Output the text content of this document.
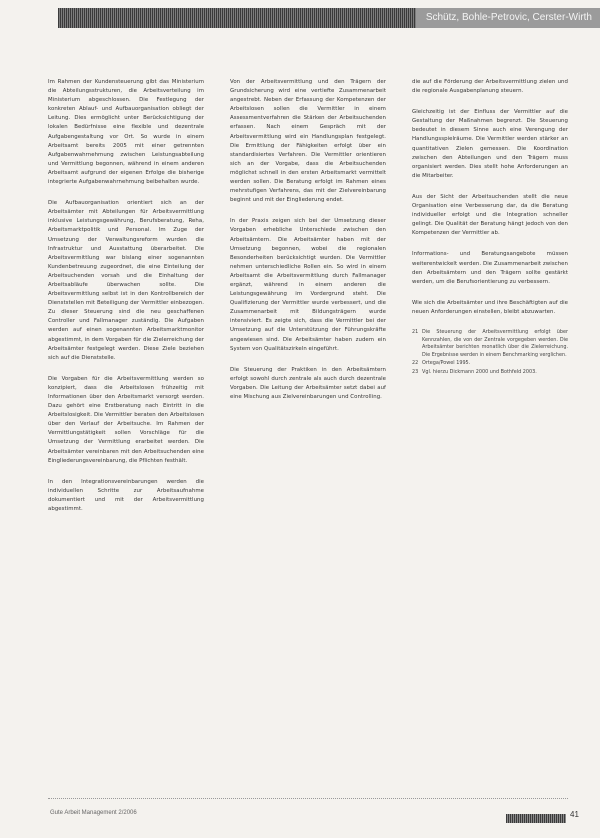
Schütz, Bohle-Petrovic, Cerster-Wirth

Im Rahmen der Kundensteuerung gibt das Ministerium die Abteilungsstrukturen, die Arbeitsverteilung im Ministerium abgeschlossen. Die Festlegung der konkreten Ablauf- und Aufbauorganisation obliegt der Leitung. Dies ermöglicht unter Berücksichtigung der lokalen Bedürfnisse eine flexible und dezentrale Aufgabengestaltung vor Ort. So wurde in einem Arbeitsamt bereits 2005 mit einer getrennten Aufgabenwahrnehmung zwischen Leistungsabteilung und Vermittlung begonnen, während in einem anderen Arbeitsamt aufgrund der eigenen Erfolge die bisherige integrierte Aufgabenwahrnehmung beibehalten wurde.

Die Aufbauorganisation orientiert sich an der Arbeitsämter mit Abteilungen für Arbeitsvermittlung inklusive Leistungsgewährung, Berufsberatung, Reha, Arbeitsmarktpolitik und Personal. Im Zuge der Umsetzung der Verwaltungsreform wurden die Infrastruktur und Ausstattung überarbeitet. Die Arbeitsvermittlung war bislang einer sogenannten Kundenbetreuung zugeordnet, die eine Einteilung der Arbeitsuchenden vorsah und die Einhaltung der Arbeitsabläufe überwachen sollte. Die Arbeitsvermittlung selbst ist in den Kontrollbereich der Dienststellen mit Beteiligung der Vermittler einbezogen. Zu dieser Steuerung sind die neu geschaffenen Controller und Fallmanager zuständig. Die Aufgaben werden auf einen sogenannten Arbeitsmarktmonitor abgestimmt, in dem Vorgaben für die Zielerreichung der Arbeitsämter festgelegt werden. Diese Ziele beziehen sich auf die Dienststelle.

Die Vorgaben für die Arbeitsvermittlung werden so konzipiert, dass die Arbeitslosen frühzeitig mit Informationen über den Arbeitsmarkt versorgt werden. Dazu gehört eine Erstberatung nach Eintritt in die Arbeitslosigkeit. Die Vermittler beraten den Arbeitslosen über den Verlauf der Arbeitsuche. Im Rahmen der Vermittlungstätigkeit sollen Vorschläge für die Umsetzung der Vermittlung erarbeitet werden. Die Arbeitsämter vereinbaren mit den Arbeitsuchenden eine Eingliederungsvereinbarung, die Pflichten festhält.

In den Integrationsvereinbarungen werden die individuellen Schritte zur Arbeitsaufnahme dokumentiert und mit der Arbeitsvermittlung abgestimmt.

Von der Arbeitsvermittlung und den Trägern der Grundsicherung wird eine vertiefte Zusammenarbeit angestrebt. Neben der Erfassung der Kompetenzen der Arbeitslosen sollen die Vermittler in einem Assessmentverfahren die Stärken der Arbeitsuchenden erfassen. Nach einem Gespräch mit der Arbeitsvermittlung wird ein Handlungsplan festgelegt. Die Ermittlung der Fähigkeiten erfolgt über ein standardisiertes Verfahren. Die Vermittler orientieren sich an der Vorgabe, dass die Arbeitsuchenden möglichst schnell in den ersten Arbeitsmarkt vermittelt werden sollen. Die Beratung erfolgt im Rahmen eines mehrstufigen Verfahrens, das mit der Zielvereinbarung beginnt und mit der Eingliederung endet.

In der Praxis zeigen sich bei der Umsetzung dieser Vorgaben erhebliche Unterschiede zwischen den Arbeitsämtern. Die Arbeitsämter haben mit der Umsetzung begonnen, wobei die regionalen Besonderheiten berücksichtigt wurden. Die Vermittler nehmen unterschiedliche Rollen ein. So wird in einem Arbeitsamt die Arbeitsvermittlung durch Fallmanager ergänzt, während in einem anderen die Leistungsgewährung im Vordergrund steht. Die Qualifizierung der Vermittler wurde verbessert, und die Zusammenarbeit mit Bildungsträgern wurde intensiviert. Es zeigte sich, dass die Vermittler bei der Umsetzung auf die Unterstützung der Führungskräfte angewiesen sind. Die Arbeitsämter haben zudem ein System von Qualitätszirkeln eingeführt.

Die Steuerung der Praktiken in den Arbeitsämtern erfolgt sowohl durch zentrale als auch durch dezentrale Vorgaben. Die Leitung der Arbeitsämter setzt dabei auf eine Mischung aus Zielvereinbarungen und Controlling.

die auf die Förderung der Arbeitsvermittlung zielen und die regionale Ausgabenplanung steuern.

Gleichzeitig ist der Einfluss der Vermittler auf die Gestaltung der Maßnahmen begrenzt. Die Steuerung bedeutet in diesem Sinne auch eine Verengung der Handlungsspielräume. Die Vermittler werden stärker an quantitativen Zielen gemessen. Die Koordination zwischen den Abteilungen und den Trägern muss organisiert werden. Dies stellt hohe Anforderungen an die Mitarbeiter.

Aus der Sicht der Arbeitsuchenden stellt die neue Organisation eine Verbesserung dar, da die Beratung individueller erfolgt und die Integration schneller gelingt. Die Qualität der Beratung hängt jedoch von den Kompetenzen der Vermittler ab.

Informations- und Beratungsangebote müssen weiterentwickelt werden. Die Zusammenarbeit zwischen den Arbeitsämtern und den Trägern sollte gestärkt werden, um die Berufsorientierung zu verbessern.

Wie sich die Arbeitsämter und ihre Beschäftigten auf die neuen Anforderungen einstellen, bleibt abzuwarten.

21 Die Steuerung der Arbeitsvermittlung erfolgt über Kennzahlen, die von der Zentrale vorgegeben werden. Die Arbeitsämter berichten monatlich über die Zielerreichung. Die Ergebnisse werden in einem Benchmarking verglichen.
22 Ortega/Powel 1995.
23 Vgl. hierzu Dickmann 2000 und Bothfeld 2003.
Gute Arbeit Management 2/2006	41
